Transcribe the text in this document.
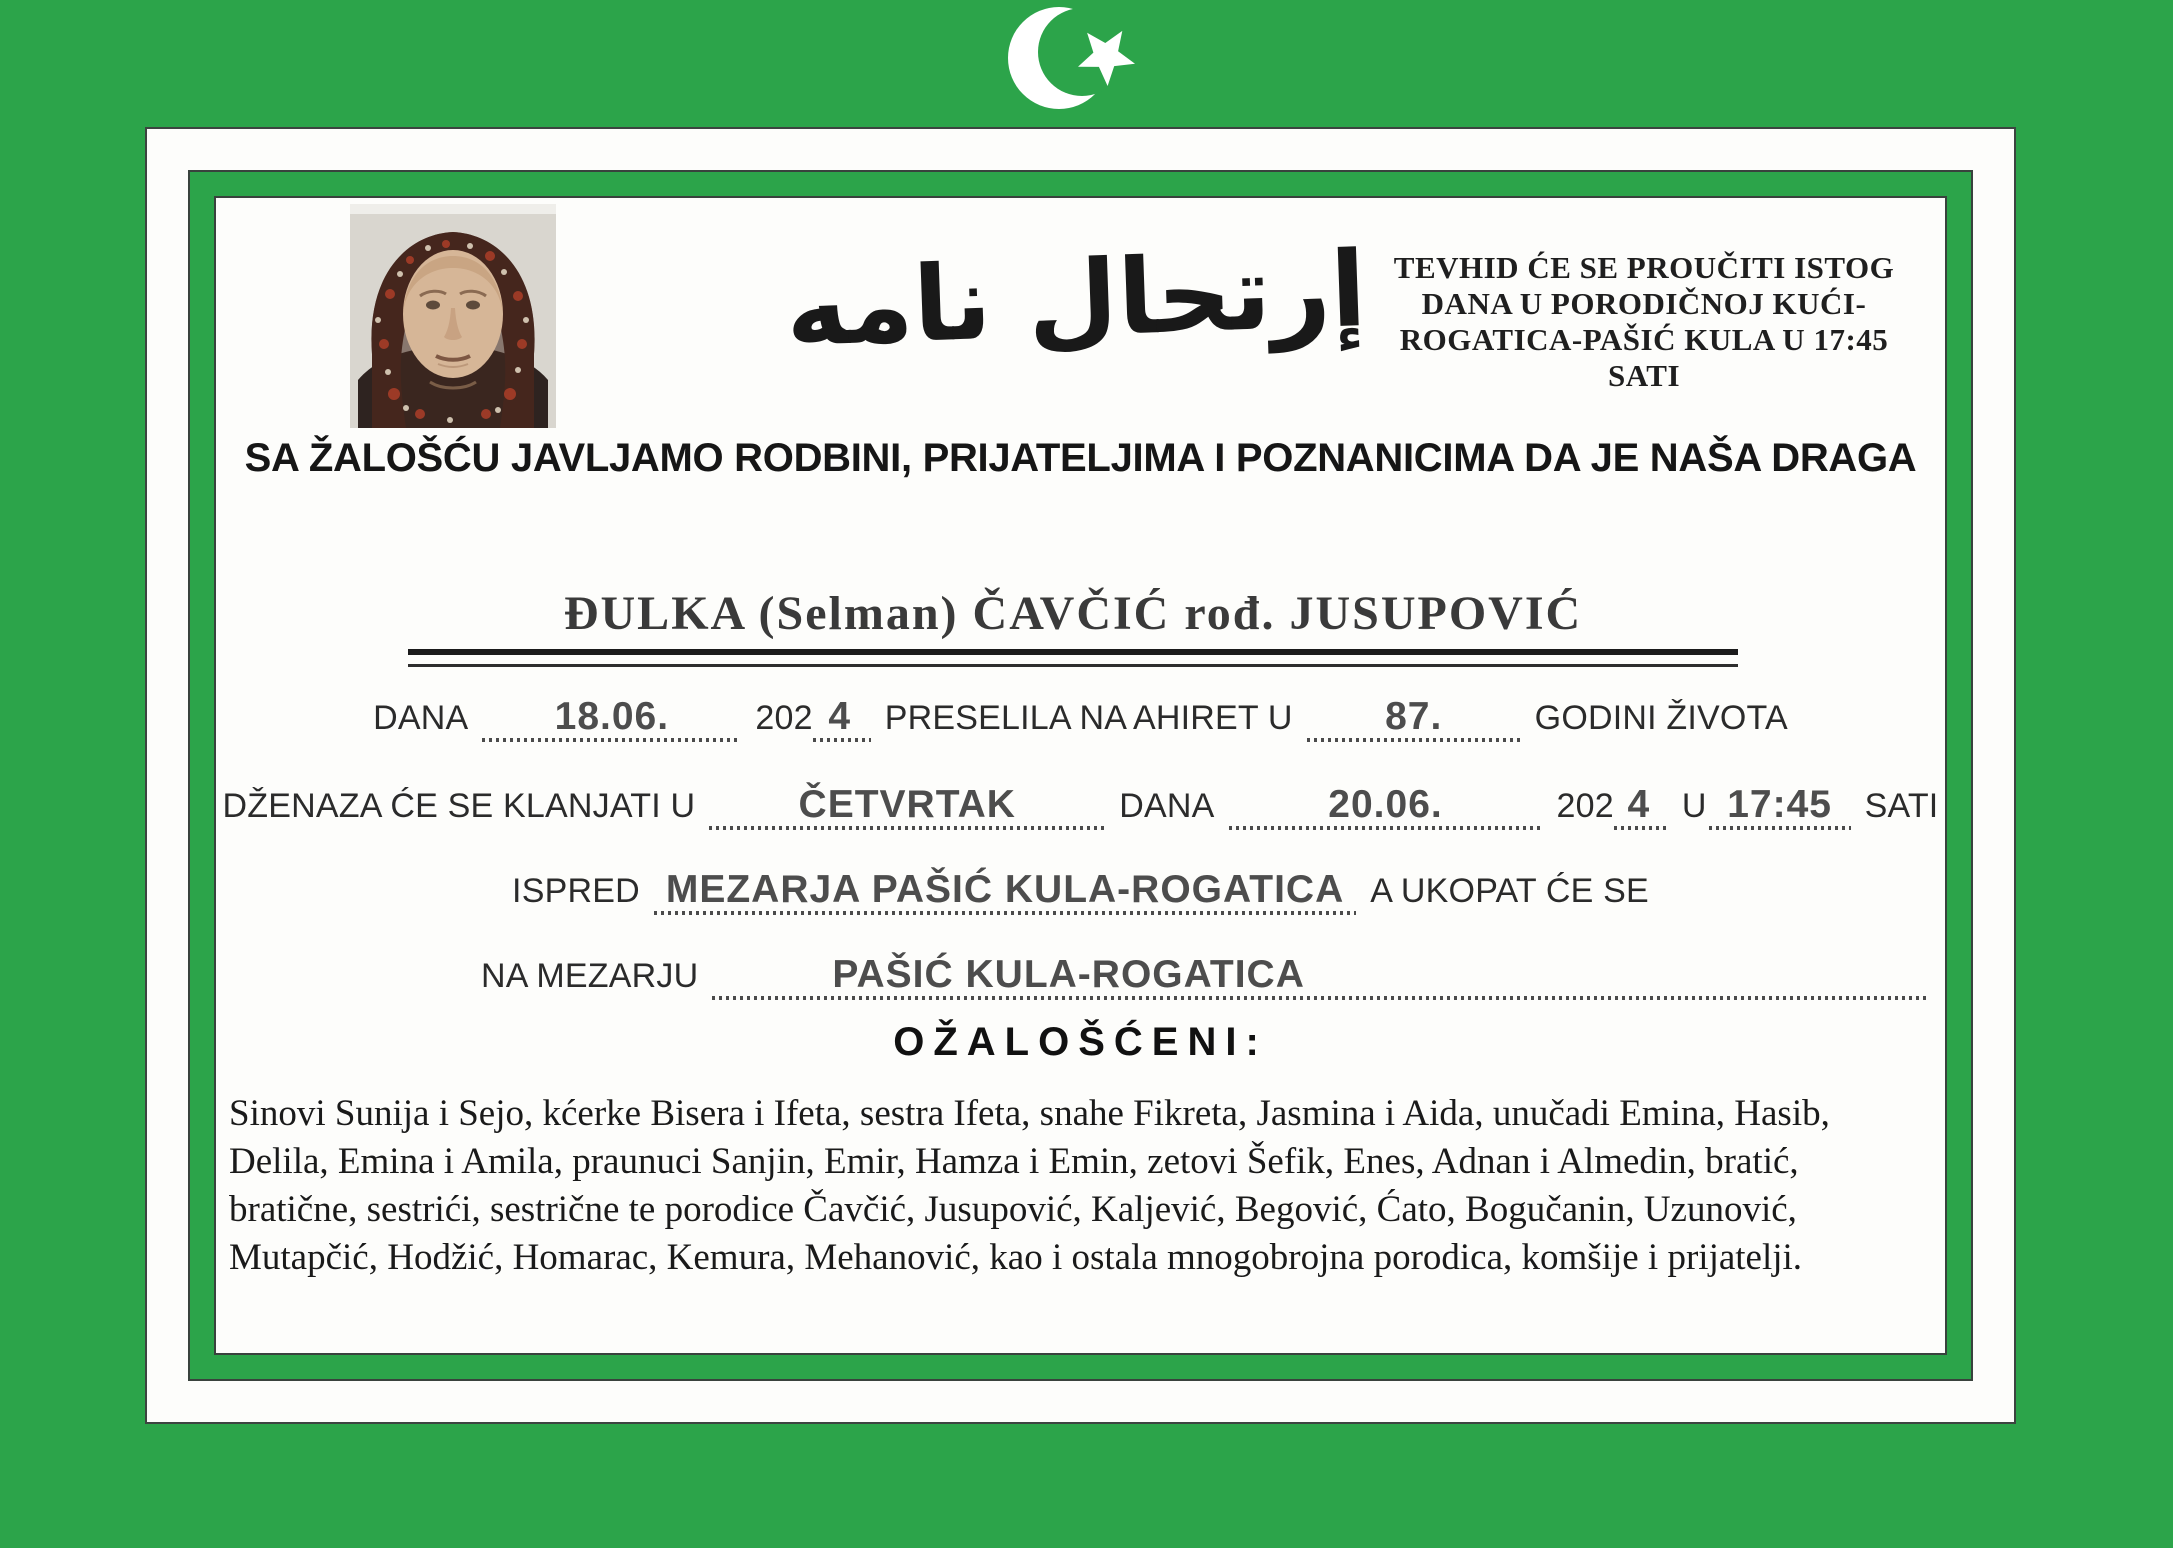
إرتحال نامه TEVHID ĆE SE PROUČITI ISTOG
DANA U PORODIČNOJ KUĆI-
ROGATICA-PAŠIĆ KULA U 17:45
SATI
SA ŽALOŠĆU JAVLJAMO RODBINI, PRIJATELJIMA I POZNANICIMA DA JE NAŠA DRAGA
ĐULKA (Selman) ČAVČIĆ rođ. JUSUPOVIĆ
DANA	18.06.	202 4 PRESELILA NA AHIRET U	87.	GODINI ŽIVOTA
DŽENAZA ĆE SE KLANJATI U	ČETVRTAK	DANA	20.06.	202 4 U 17:45 SATI
ISPRED MEZARJA PAŠIĆ KULA-ROGATICA A UKOPAT ĆE SE
NA MEZARJU	PAŠIĆ KULA-ROGATICA
OŽALOŠĆENI:

Sinovi Sunija i Sejo, kćerke Bisera i Ifeta, sestra Ifeta, snahe Fikreta, Jasmina i Aida, unučadi Emina, Hasib, Delila, Emina i Amila, praunuci Sanjin, Emir, Hamza i Emin, zetovi Šefik, Enes, Adnan i Almedin, bratić, bratične, sestrići, sestrične te porodice Čavčić, Jusupović, Kaljević, Begović, Ćato, Bogučanin, Uzunović, Mutapčić, Hodžić, Homarac, Kemura, Mehanović, kao i ostala mnogobrojna porodica, komšije i prijatelji.
